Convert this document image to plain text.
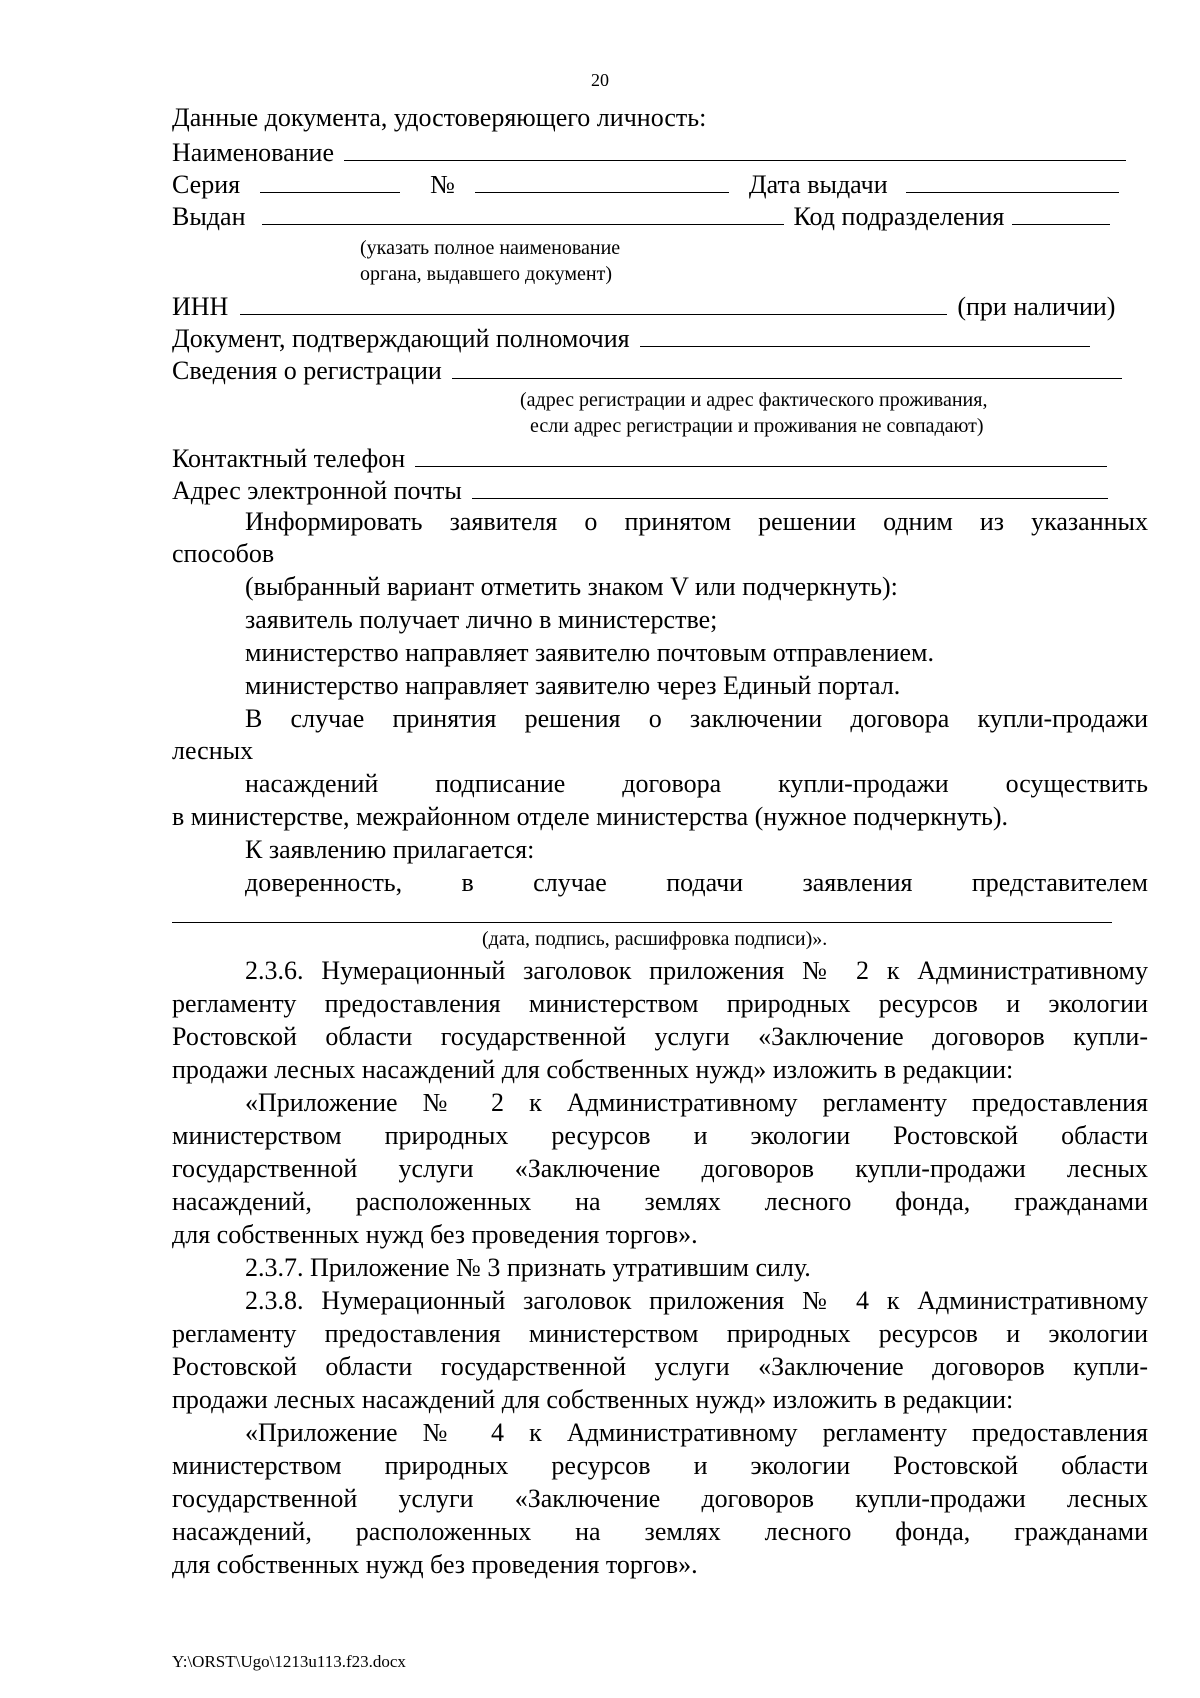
20
Данные документа, удостоверяющего личность:
Наименование
Серия	№	Дата выдачи
Выдан	Код подразделения
(указать полное наименование
органа, выдавшего документ)
ИНН	(при наличии)
Документ, подтверждающий полномочия
Сведения о регистрации
(адрес регистрации и адрес фактического проживания,
если адрес регистрации и проживания не совпадают)
Контактный телефон
Адрес электронной почты
Информировать заявителя о принятом решении одним из указанных
способов
(выбранный вариант отметить знаком V или подчеркнуть):
заявитель получает лично в министерстве;
министерство направляет заявителю почтовым отправлением.
министерство направляет заявителю через Единый портал.
В случае принятия решения о заключении договора купли-продажи
лесных
насаждений подписание договора купли-продажи осуществить
в министерстве, межрайонном отделе министерства (нужное подчеркнуть).
К заявлению прилагается:
доверенность, в случае подачи заявления представителем
(дата, подпись, расшифровка подписи)».
2.3.6. Нумерационный заголовок приложения № 2 к Административному
регламенту предоставления министерством природных ресурсов и экологии
Ростовской области государственной услуги «Заключение договоров купли-
продажи лесных насаждений для собственных нужд» изложить в редакции:
«Приложение № 2 к Административному регламенту предоставления
министерством природных ресурсов и экологии Ростовской области
государственной услуги «Заключение договоров купли-продажи лесных
насаждений, расположенных на землях лесного фонда, гражданами
для собственных нужд без проведения торгов».
2.3.7. Приложение № 3 признать утратившим силу.
2.3.8. Нумерационный заголовок приложения № 4 к Административному
регламенту предоставления министерством природных ресурсов и экологии
Ростовской области государственной услуги «Заключение договоров купли-
продажи лесных насаждений для собственных нужд» изложить в редакции:
«Приложение № 4 к Административному регламенту предоставления
министерством природных ресурсов и экологии Ростовской области
государственной услуги «Заключение договоров купли-продажи лесных
насаждений, расположенных на землях лесного фонда, гражданами
для собственных нужд без проведения торгов».
Y:\ORST\Ugo\1213u113.f23.docx
